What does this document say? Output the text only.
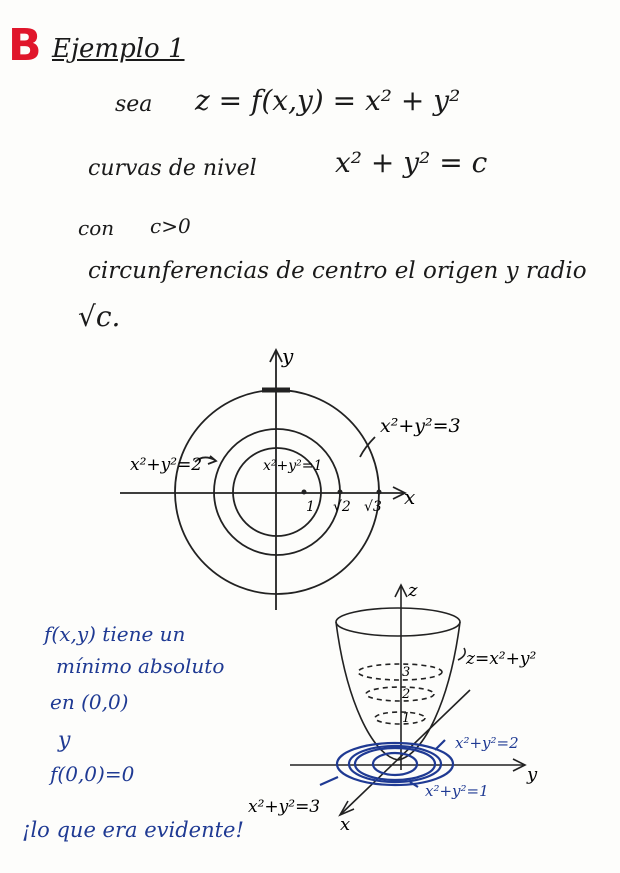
B Ejemplo 1
sea z = f(x,y) = x² + y²
curvas de nivel	x² + y² = c
con c>0
circunferencias de centro el origen y radio
√c.
y
x
x²+y²=2	x²+y²=1
x²+y²=3
1 √2 √3
z
y
x
z=x²+y²
3
2
1
x²+y²=2
x²+y²=1
x²+y²=3
f(x,y) tiene un
mínimo absoluto
en (0,0)
y
f(0,0)=0
¡lo que era evidente!
